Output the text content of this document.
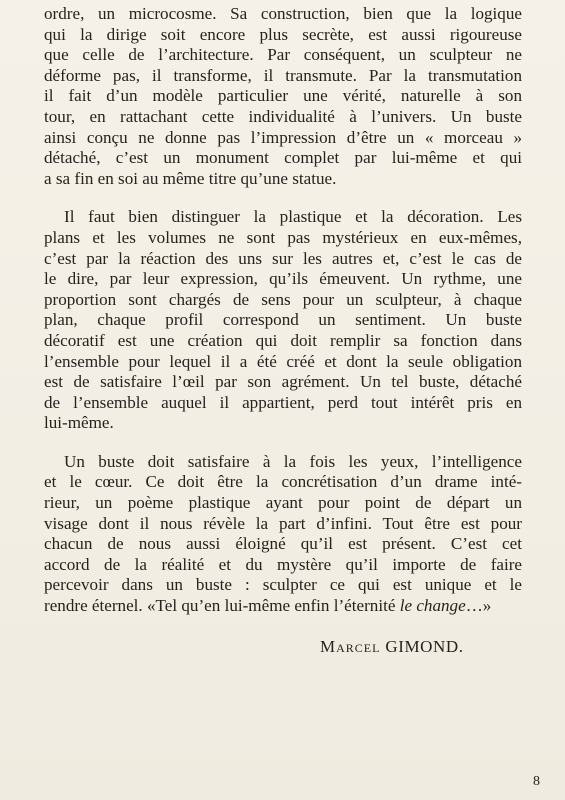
ordre, un microcosme. Sa construction, bien que la logique
qui la dirige soit encore plus secrète, est aussi rigoureuse
que celle de l’architecture. Par conséquent, un sculpteur ne
déforme pas, il transforme, il transmute. Par la transmutation
il fait d’un modèle particulier une vérité, naturelle à son
tour, en rattachant cette individualité à l’univers. Un buste
ainsi conçu ne donne pas l’impression d’être un « morceau »
détaché, c’est un monument complet par lui-même et qui
a sa fin en soi au même titre qu’une statue.

Il faut bien distinguer la plastique et la décoration. Les
plans et les volumes ne sont pas mystérieux en eux-mêmes,
c’est par la réaction des uns sur les autres et, c’est le cas de
le dire, par leur expression, qu’ils émeuvent. Un rythme, une
proportion sont chargés de sens pour un sculpteur, à chaque
plan, chaque profil correspond un sentiment. Un buste
décoratif est une création qui doit remplir sa fonction dans
l’ensemble pour lequel il a été créé et dont la seule obligation
est de satisfaire l’œil par son agrément. Un tel buste, détaché
de l’ensemble auquel il appartient, perd tout intérêt pris en
lui-même.

Un buste doit satisfaire à la fois les yeux, l’intelligence
et le cœur. Ce doit être la concrétisation d’un drame inté-
rieur, un poème plastique ayant pour point de départ un
visage dont il nous révèle la part d’infini. Tout être est pour
chacun de nous aussi éloigné qu’il est présent. C’est cet
accord de la réalité et du mystère qu’il importe de faire
percevoir dans un buste : sculpter ce qui est unique et le
rendre éternel. «Tel qu’en lui-même enfin l’éternité le change…»

Marcel GIMOND.
8
